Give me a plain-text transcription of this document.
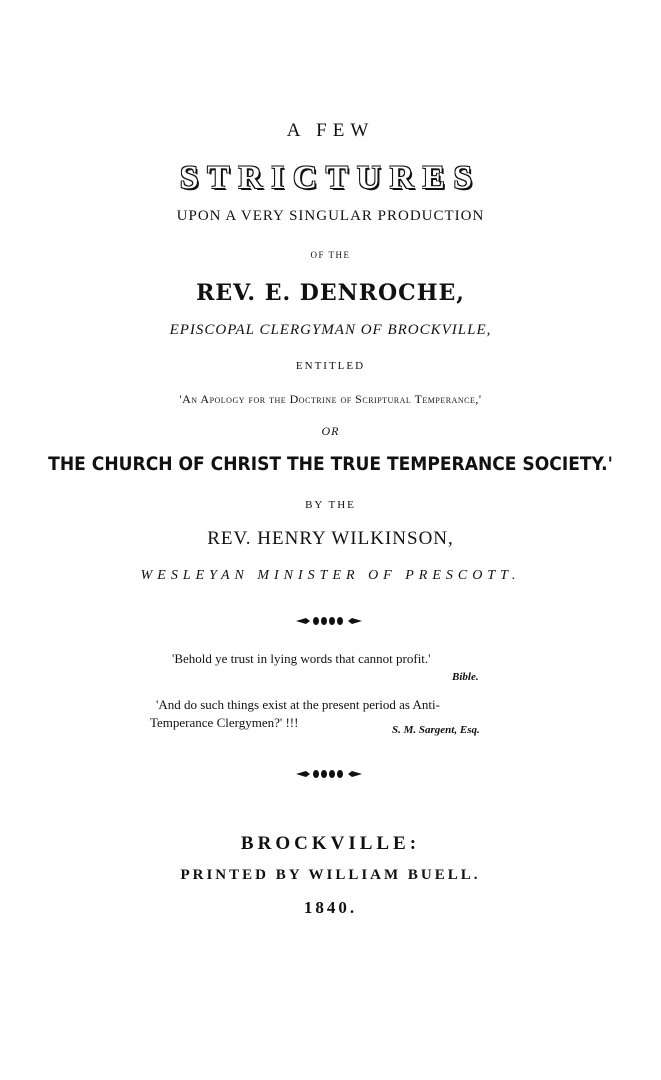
A FEW
STRICTURES
UPON A VERY SINGULAR PRODUCTION
OF THE
REV. E. DENROCHE,
EPISCOPAL CLERGYMAN OF BROCKVILLE,
ENTITLED
'An Apology for the Doctrine of Scriptural Temperance,'
OR
THE CHURCH OF CHRIST THE TRUE TEMPERANCE SOCIETY.'
BY THE
REV. HENRY WILKINSON,
WESLEYAN MINISTER OF PRESCOTT.
'Behold ye trust in lying words that cannot profit.'
Bible.
'And do such things exist at the present period as Anti-
Temperance Clergymen?' !!!	S. M. Sargent, Esq.
BROCKVILLE:
PRINTED BY WILLIAM BUELL.
1840.
